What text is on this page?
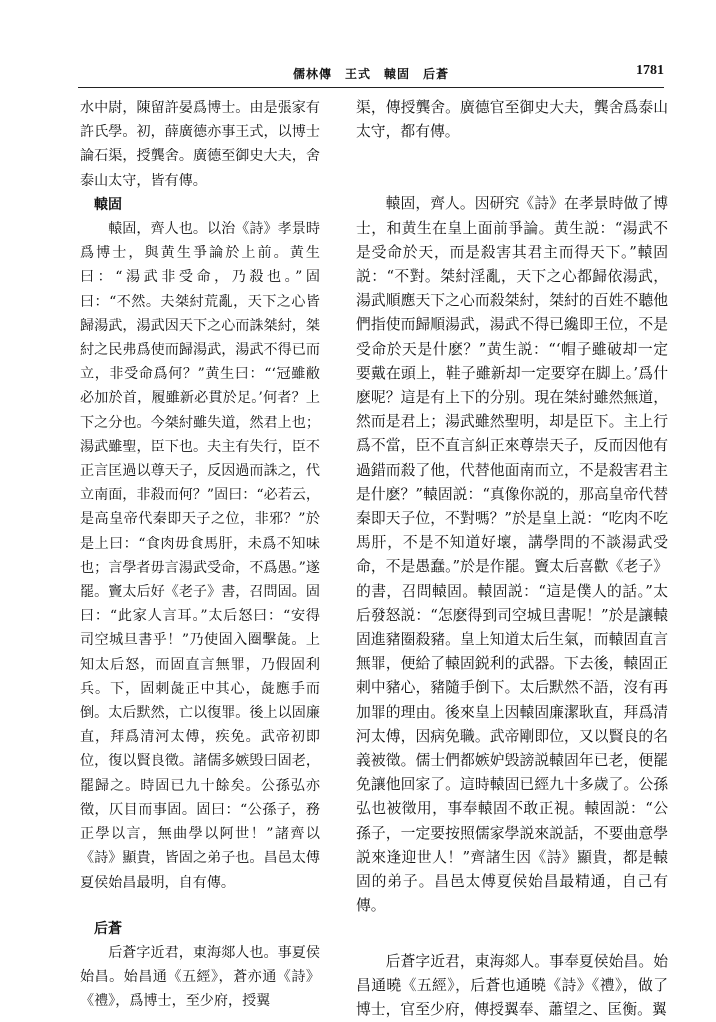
儒林傳　王式　轅固　后蒼	1781

水中尉，陳留許晏爲博士。由是張家有許氏學。初，薛廣德亦事王式，以博士論石渠，授龔舍。廣德至御史大夫，舍泰山太守，皆有傳。

轅固

轅固，齊人也。以治《詩》孝景時爲博士，與黄生爭論於上前。黄生曰：“湯武非受命，乃殺也。”固曰：“不然。夫桀紂荒亂，天下之心皆歸湯武，湯武因天下之心而誅桀紂，桀紂之民弗爲使而歸湯武，湯武不得已而立，非受命爲何？”黄生曰：“‘冠雖敝必加於首，履雖新必貫於足。’何者？上下之分也。今桀紂雖失道，然君上也；湯武雖聖，臣下也。夫主有失行，臣不正言匡過以尊天子，反因過而誅之，代立南面，非殺而何？”固曰：“必若云，是高皇帝代秦即天子之位，非邪？”於是上曰：“食肉毋食馬肝，未爲不知味也；言學者毋言湯武受命，不爲愚。”遂罷。竇太后好《老子》書，召問固。固曰：“此家人言耳。”太后怒曰：“安得司空城旦書乎！”乃使固入圈擊彘。上知太后怒，而固直言無罪，乃假固利兵。下，固刺彘正中其心，彘應手而倒。太后默然，亡以復罪。後上以固廉直，拜爲清河太傅，疾免。武帝初即位，復以賢良徵。諸儒多嫉毁曰固老，罷歸之。時固已九十餘矣。公孫弘亦徵，仄目而事固。固曰：“公孫子，務正學以言，無曲學以阿世！”諸齊以《詩》顯貴，皆固之弟子也。昌邑太傅夏侯始昌最明，自有傳。

后蒼

后蒼字近君，東海郯人也。事夏侯始昌。始昌通《五經》，蒼亦通《詩》《禮》，爲博士，至少府，授翼

渠，傳授龔舍。廣德官至御史大夫，龔舍爲泰山太守，都有傳。

轅固，齊人。因研究《詩》在孝景時做了博士，和黄生在皇上面前爭論。黄生説：“湯武不是受命於天，而是殺害其君主而得天下。”轅固説：“不對。桀紂淫亂，天下之心都歸依湯武，湯武順應天下之心而殺桀紂，桀紂的百姓不聽他們指使而歸順湯武，湯武不得已纔即王位，不是受命於天是什麽？”黄生説：“‘帽子雖破却一定要戴在頭上，鞋子雖新却一定要穿在脚上。’爲什麽呢？這是有上下的分别。現在桀紂雖然無道，然而是君上；湯武雖然聖明，却是臣下。主上行爲不當，臣不直言糾正來尊崇天子，反而因他有過錯而殺了他，代替他面南而立，不是殺害君主是什麽？”轅固説：“真像你説的，那高皇帝代替秦即天子位，不對嗎？”於是皇上説：“吃肉不吃馬肝，不是不知道好壞，講學問的不談湯武受命，不是愚蠢。”於是作罷。竇太后喜歡《老子》的書，召問轅固。轅固説：“這是僕人的話。”太后發怒説：“怎麽得到司空城旦書呢！”於是讓轅固進豬圈殺豬。皇上知道太后生氣，而轅固直言無罪，便給了轅固鋭利的武器。下去後，轅固正刺中豬心，豬隨手倒下。太后默然不語，沒有再加罪的理由。後來皇上因轅固廉潔耿直，拜爲清河太傅，因病免職。武帝剛即位，又以賢良的名義被徵。儒士們都嫉妒毁謗説轅固年已老，便罷免讓他回家了。這時轅固已經九十多歲了。公孫弘也被徵用，事奉轅固不敢正視。轅固説：“公孫子，一定要按照儒家學説來説話，不要曲意學説來逢迎世人！”齊諸生因《詩》顯貴，都是轅固的弟子。昌邑太傅夏侯始昌最精通，自己有傳。

后蒼字近君，東海郯人。事奉夏侯始昌。始昌通曉《五經》，后蒼也通曉《詩》《禮》，做了博士，官至少府，傳授翼奉、蕭望之、匡衡。翼
